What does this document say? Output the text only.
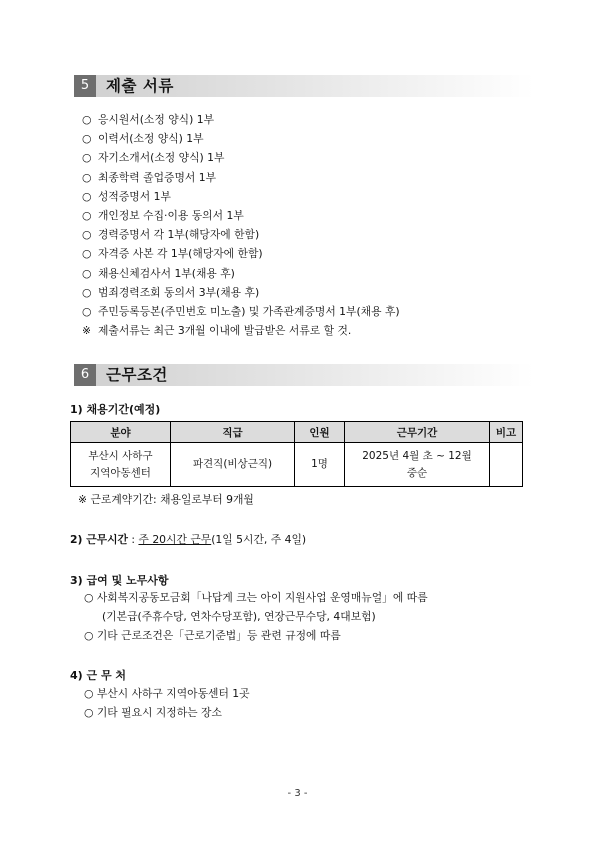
5	제출 서류
○ 응시원서(소정 양식) 1부
○ 이력서(소정 양식) 1부
○ 자기소개서(소정 양식) 1부
○ 최종학력 졸업증명서 1부
○ 성적증명서 1부
○ 개인정보 수집·이용 동의서 1부
○ 경력증명서 각 1부(해당자에 한함)
○ 자격증 사본 각 1부(해당자에 한함)
○ 채용신체검사서 1부(채용 후)
○ 범죄경력조회 동의서 3부(채용 후)
○ 주민등록등본(주민번호 미노출) 및 가족관계증명서 1부(채용 후)
※ 제출서류는 최근 3개월 이내에 발급받은 서류로 할 것.
6	근무조건
1) 채용기간(예정)
분야	직급	인원	근무기간	비고
부산시 사하구
지역아동센터	파견직(비상근직)	1명	2025년 4월 초 ~ 12월
중순	
※ 근로계약기간: 채용일로부터 9개월
2) 근무시간 : 주 20시간 근무(1일 5시간, 주 4일)
3) 급여 및 노무사항
○ 사회복지공동모금회「나답게 크는 아이 지원사업 운영매뉴얼」에 따름
(기본급(주휴수당, 연차수당포함), 연장근무수당, 4대보험)
○ 기타 근로조건은「근로기준법」등 관련 규정에 따름
4) 근 무 처
○ 부산시 사하구 지역아동센터 1곳
○ 기타 필요시 지정하는 장소
- 3 -
